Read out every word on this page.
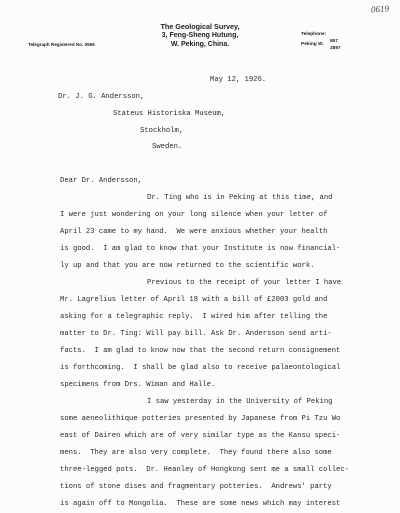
0619
Telegraph Registered No. 0566
The Geological Survey,
3, Feng-Sheng Hutung,
W. Peking, China.
Telephone:
Peking W.
857
2897
May 12, 1926.
Dr. J. G. Andersson,
Stateus Historiska Museum,
Stockholm,
Sweden.
Dear Dr. Andersson,
Dr. Ting who is in Peking at this time, and
I were just wondering on your long silence when your letter of
April 23 came to my hand.  We were anxious whether your health
is good.  I am glad to know that your Institute is now financial-
ly up and that you are now returned to the scientific work.
Previous to the receipt of your letter I have
Mr. Lagrelius letter of April 18 with a bill of £2003 gold and
asking for a telegraphic reply.  I wired him after telling the
matter to Dr. Ting: Will pay bill. Ask Dr. Andersson send arti-
facts.  I am glad to know now that the second return consignement
is forthcoming.  I shall be glad also to receive palaeontological
specimens from Drs. Wiman and Halle.
I saw yesterday in the University of Peking
some aeneolithique potteries presented by Japanese from Pi Tzu Wo
east of Dairen which are of very similar type as the Kansu speci-
mens.  They are also very complete.  They found there also some
three-legged pots.  Dr. Heanley of Hongkong sent me a small collec-
tions of stone dises and fragmentary potteries.  Andrews' party
is again off to Mongolia.  These are some news which may interest
